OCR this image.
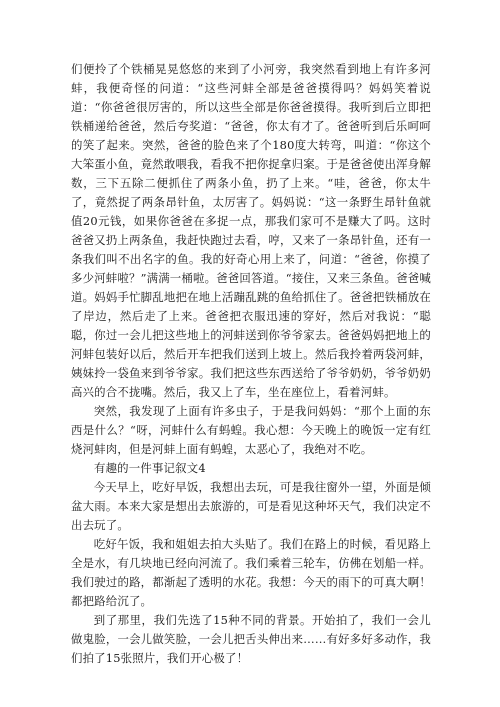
们便拎了个铁桶晃晃悠悠的来到了小河旁，我突然看到地上有许多河蚌，我便奇怪的问道：“这些河蚌全部是爸爸摸得吗？妈妈笑着说道：“你爸爸很厉害的，所以这些全部是你爸爸摸得。我听到后立即把铁桶递给爸爸，然后夸奖道：“爸爸，你太有才了。爸爸听到后乐呵呵的笑了起来。突然，爸爸的脸色来了个180度大转弯，叫道：“你这个大笨蛋小鱼，竟然敢喂我，看我不把你捉拿归案。于是爸爸使出浑身解数，三下五除二便抓住了两条小鱼，扔了上来。“哇，爸爸，你太牛了，竟然捉了两条昂针鱼，太厉害了。妈妈说：“这一条野生昂针鱼就值20元钱，如果你爸爸在多捉一点，那我们家可不是赚大了吗。这时爸爸又扔上两条鱼，我赶快跑过去看，哼，又来了一条昂针鱼，还有一条我们叫不出名字的鱼。我的好奇心用上来了，问道：“爸爸，你摸了多少河蚌啦？”满满一桶啦。爸爸回答道。“接住，又来三条鱼。爸爸喊道。妈妈手忙脚乱地把在地上活蹦乱跳的鱼给抓住了。爸爸把铁桶放在了岸边，然后走了上来。爸爸把衣服迅速的穿好，然后对我说：“聪聪，你过一会儿把这些地上的河蚌送到你爷爷家去。爸爸妈妈把地上的河蚌包装好以后，然后开车把我们送到上坡上。然后我拎着两袋河蚌，姨妹拎一袋鱼来到爷爷家。我们把这些东西送给了爷爷奶奶，爷爷奶奶高兴的合不拢嘴。然后，我又上了车，坐在座位上，看着河蚌。

突然，我发现了上面有许多虫子，于是我问妈妈：“那个上面的东西是什么？“呀，河蚌什么有蚂蝗。我心想：今天晚上的晚饭一定有红烧河蚌肉，但是河蚌上面有蚂蝗，太恶心了，我绝对不吃。

有趣的一件事记叙文4

今天早上，吃好早饭，我想出去玩，可是我往窗外一望，外面是倾盆大雨。本来大家是想出去旅游的，可是看见这种坏天气，我们决定不出去玩了。

吃好午饭，我和姐姐去拍大头贴了。我们在路上的时候，看见路上全是水，有几块地已经向河流了。我们乘着三轮车，仿佛在划船一样。我们驶过的路，都渐起了透明的水花。我想：今天的雨下的可真大啊！都把路给沉了。

到了那里，我们先选了15种不同的背景。开始拍了，我们一会儿做鬼脸，一会儿做笑脸，一会儿把舌头伸出来……有好多好多动作，我们拍了15张照片，我们开心极了！
